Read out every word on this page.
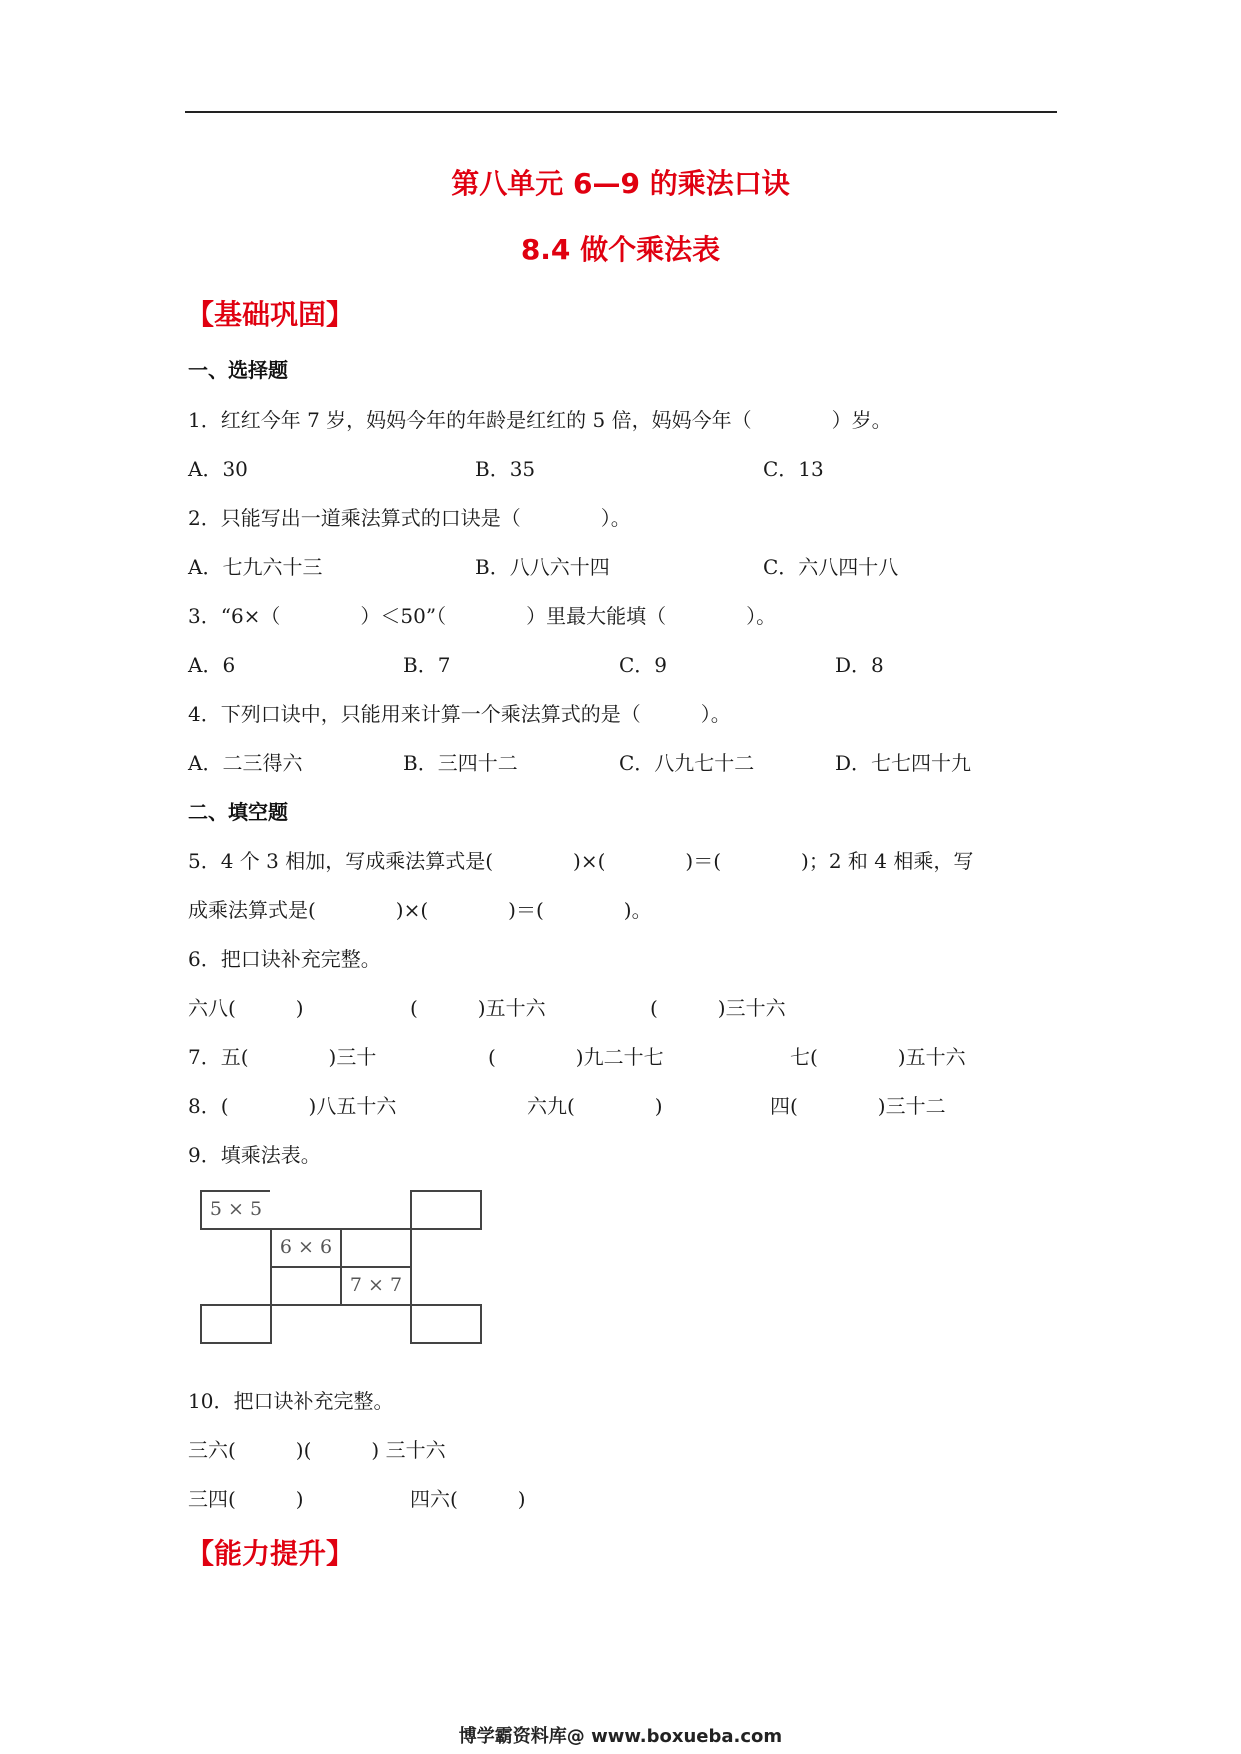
第八单元 6—9 的乘法口诀
8.4 做个乘法表
【基础巩固】
一、选择题
1．红红今年 7 岁，妈妈今年的年龄是红红的 5 倍，妈妈今年（　　　　）岁。
A．30	B．35	C．13
2．只能写出一道乘法算式的口诀是（　　　　）。
A．七九六十三	B．八八六十四	C．六八四十八
3．“6×（　　　　）＜50”（　　　　）里最大能填（　　　　）。
A．6	B．7	C．9	D．8
4．下列口诀中，只能用来计算一个乘法算式的是（　　　）。
A．二三得六	B．三四十二	C．八九七十二	D．七七四十九
二、填空题
5．4 个 3 相加，写成乘法算式是(　　　　)×(　　　　)＝(　　　　)；2 和 4 相乘，写
成乘法算式是(　　　　)×(　　　　)＝(　　　　)。
6．把口诀补充完整。
六八(　　　)	(　　　)五十六	(　　　)三十六
7．五(　　　　)三十	(　　　　)九二十七	七(　　　　)五十六
8．(　　　　)八五十六	六九(　　　　)	四(　　　　)三十二
9．填乘法表。
5 × 5
6 × 6
7 × 7
10．把口诀补充完整。
三六(　　　)(　　　) 三十六
三四(　　　)	四六(　　　)
【能力提升】
博学霸资料库@ www.boxueba.com
